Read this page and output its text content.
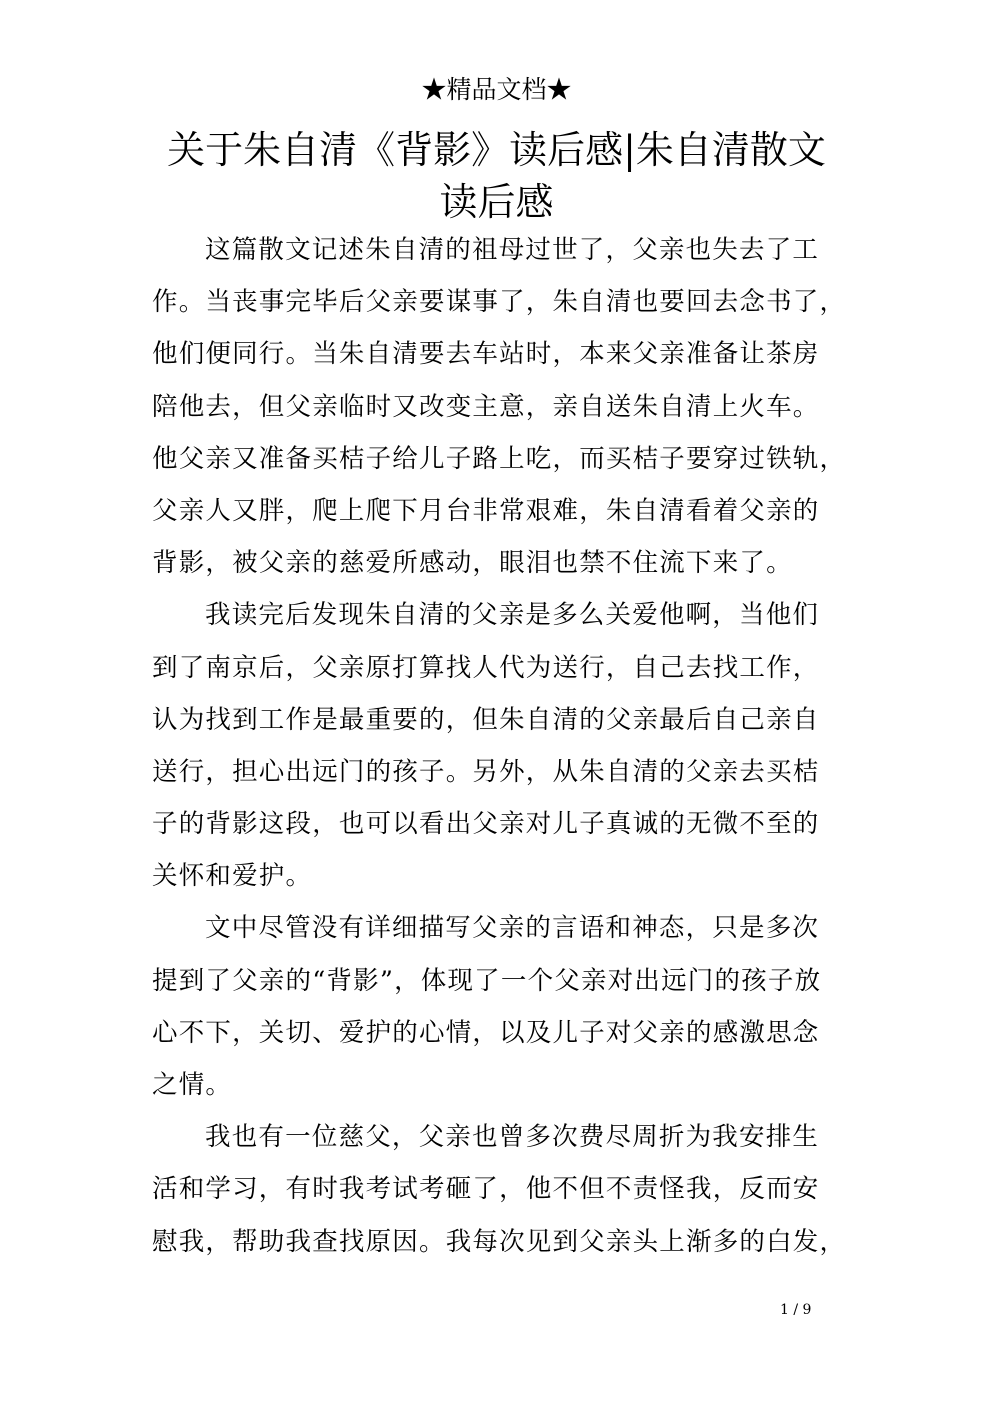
★精品文档★
关于朱自清《背影》读后感|朱自清散文
读后感
这篇散文记述朱自清的祖母过世了，父亲也失去了工
作。当丧事完毕后父亲要谋事了，朱自清也要回去念书了，
他们便同行。当朱自清要去车站时，本来父亲准备让茶房
陪他去，但父亲临时又改变主意，亲自送朱自清上火车。
他父亲又准备买桔子给儿子路上吃，而买桔子要穿过铁轨，
父亲人又胖，爬上爬下月台非常艰难，朱自清看着父亲的
背影，被父亲的慈爱所感动，眼泪也禁不住流下来了。
我读完后发现朱自清的父亲是多么关爱他啊，当他们
到了南京后，父亲原打算找人代为送行，自己去找工作，
认为找到工作是最重要的，但朱自清的父亲最后自己亲自
送行，担心出远门的孩子。另外，从朱自清的父亲去买桔
子的背影这段，也可以看出父亲对儿子真诚的无微不至的
关怀和爱护。
文中尽管没有详细描写父亲的言语和神态，只是多次
提到了父亲的“背影”，体现了一个父亲对出远门的孩子放
心不下，关切、爱护的心情，以及儿子对父亲的感激思念
之情。
我也有一位慈父，父亲也曾多次费尽周折为我安排生
活和学习，有时我考试考砸了，他不但不责怪我，反而安
慰我，帮助我查找原因。我每次见到父亲头上渐多的白发，
1 / 9
